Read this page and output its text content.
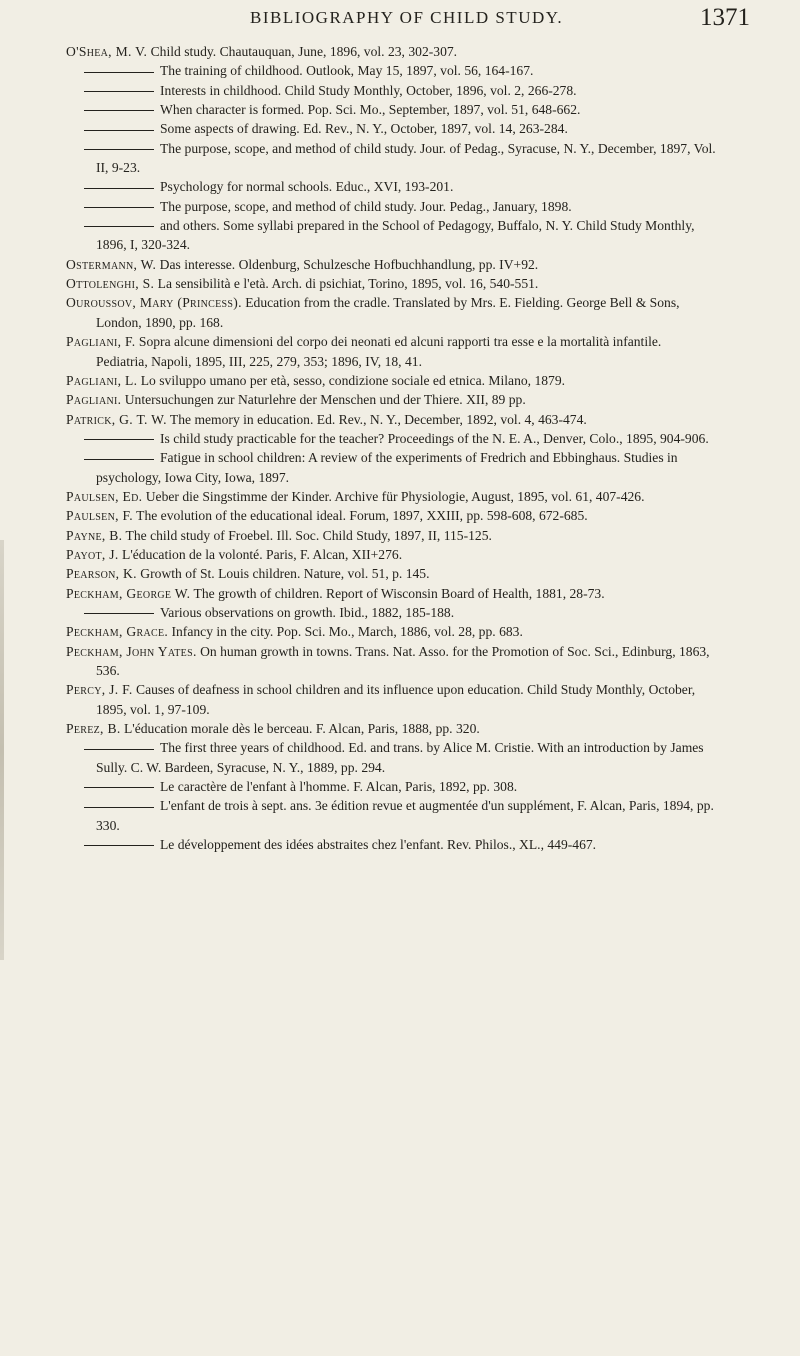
BIBLIOGRAPHY OF CHILD STUDY.	1371

O'Shea, M. V. Child study. Chautauquan, June, 1896, vol. 23, 302-307.

The training of childhood. Outlook, May 15, 1897, vol. 56, 164-167.

Interests in childhood. Child Study Monthly, October, 1896, vol. 2, 266-278.

When character is formed. Pop. Sci. Mo., September, 1897, vol. 51, 648-662.

Some aspects of drawing. Ed. Rev., N. Y., October, 1897, vol. 14, 263-284.

The purpose, scope, and method of child study. Jour. of Pedag., Syracuse, N. Y., December, 1897, Vol. II, 9-23.

Psychology for normal schools. Educ., XVI, 193-201.

The purpose, scope, and method of child study. Jour. Pedag., January, 1898.

and others. Some syllabi prepared in the School of Pedagogy, Buffalo, N. Y. Child Study Monthly, 1896, I, 320-324.

Ostermann, W. Das interesse. Oldenburg, Schulzesche Hofbuchhandlung, pp. IV+92.

Ottolenghi, S. La sensibilità e l'età. Arch. di psichiat, Torino, 1895, vol. 16, 540-551.

Ouroussov, Mary (Princess). Education from the cradle. Translated by Mrs. E. Fielding. George Bell & Sons, London, 1890, pp. 168.

Pagliani, F. Sopra alcune dimensioni del corpo dei neonati ed alcuni rapporti tra esse e la mortalità infantile. Pediatria, Napoli, 1895, III, 225, 279, 353; 1896, IV, 18, 41.

Pagliani, L. Lo sviluppo umano per età, sesso, condizione sociale ed etnica. Milano, 1879.

Pagliani. Untersuchungen zur Naturlehre der Menschen und der Thiere. XII, 89 pp.

Patrick, G. T. W. The memory in education. Ed. Rev., N. Y., December, 1892, vol. 4, 463-474.

Is child study practicable for the teacher? Proceedings of the N. E. A., Denver, Colo., 1895, 904-906.

Fatigue in school children: A review of the experiments of Fredrich and Ebbinghaus. Studies in psychology, Iowa City, Iowa, 1897.

Paulsen, Ed. Ueber die Singstimme der Kinder. Archive für Physiologie, August, 1895, vol. 61, 407-426.

Paulsen, F. The evolution of the educational ideal. Forum, 1897, XXIII, pp. 598-608, 672-685.

Payne, B. The child study of Froebel. Ill. Soc. Child Study, 1897, II, 115-125.

Payot, J. L'éducation de la volonté. Paris, F. Alcan, XII+276.

Pearson, K. Growth of St. Louis children. Nature, vol. 51, p. 145.

Peckham, George W. The growth of children. Report of Wisconsin Board of Health, 1881, 28-73.

Various observations on growth. Ibid., 1882, 185-188.

Peckham, Grace. Infancy in the city. Pop. Sci. Mo., March, 1886, vol. 28, pp. 683.

Peckham, John Yates. On human growth in towns. Trans. Nat. Asso. for the Promotion of Soc. Sci., Edinburg, 1863, 536.

Percy, J. F. Causes of deafness in school children and its influence upon education. Child Study Monthly, October, 1895, vol. 1, 97-109.

Perez, B. L'éducation morale dès le berceau. F. Alcan, Paris, 1888, pp. 320.

The first three years of childhood. Ed. and trans. by Alice M. Cristie. With an introduction by James Sully. C. W. Bardeen, Syracuse, N. Y., 1889, pp. 294.

Le caractère de l'enfant à l'homme. F. Alcan, Paris, 1892, pp. 308.

L'enfant de trois à sept. ans. 3e édition revue et augmentée d'un supplément, F. Alcan, Paris, 1894, pp. 330.

Le développement des idées abstraites chez l'enfant. Rev. Philos., XL., 449-467.
